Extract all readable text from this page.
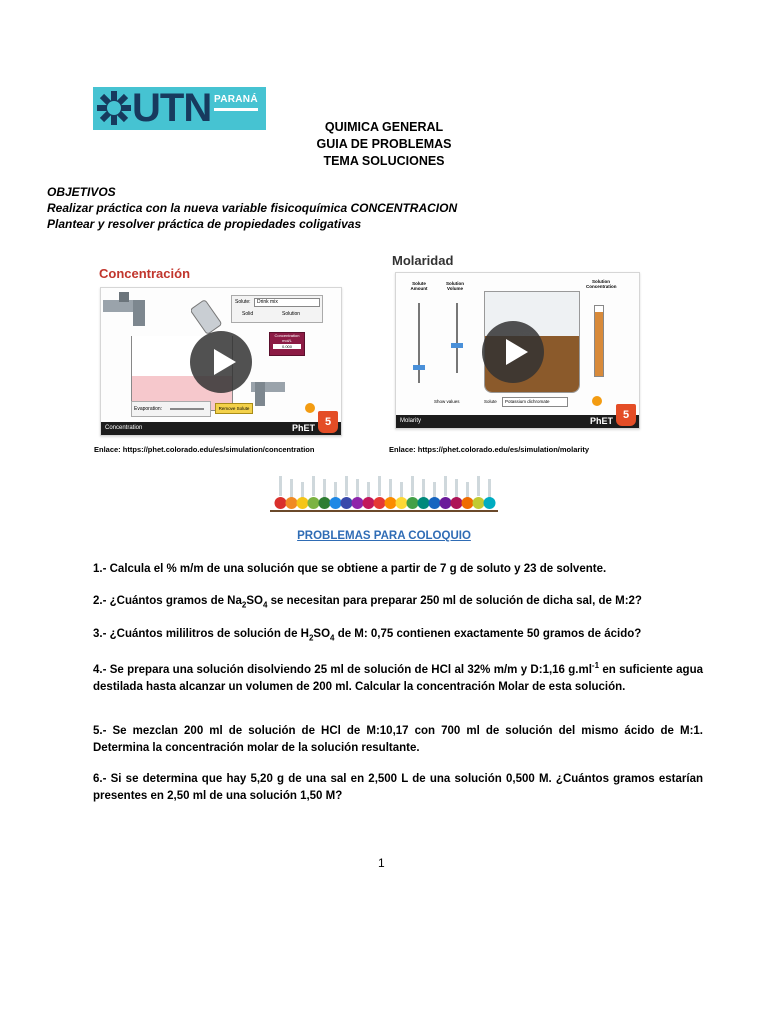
UTN PARANÁ
QUIMICA GENERAL
GUIA DE PROBLEMAS
TEMA SOLUCIONES
OBJETIVOS
Realizar práctica con la nueva variable fisicoquímica CONCENTRACION
Plantear y resolver práctica de propiedades coligativas
Concentración
Solute:	Drink mix
Solid	Solution
Concentration
mol/L
0.000
Evaporation:	Remove Solute
Concentration	PhET 5
Enlace: https://phet.colorado.edu/es/simulation/concentration
Molaridad
Solute Amount
Solution Volume
Solution Concentration
Show values	Solute	Potassium dichromate
Molarity	PhET 5
Enlace: https://phet.colorado.edu/es/simulation/molarity
PROBLEMAS PARA COLOQUIO
1.- Calcula el % m/m de una solución que se obtiene a partir de 7 g de soluto y 23 de solvente.
2.- ¿Cuántos gramos de $Na_2SO_4$ se necesitan para preparar 250 ml de solución de dicha sal, de M:2?
3.- ¿Cuántos mililitros de solución de $H_2SO_4$ de M: 0,75 contienen exactamente 50 gramos de ácido?
4.- Se prepara una solución disolviendo 25 ml de solución de HCl al 32% m/m y D:1,16 $g.ml^{-1}$ en suficiente agua destilada hasta alcanzar un volumen de 200 ml. Calcular la concentración Molar de esta solución.
5.- Se mezclan 200 ml de solución de HCl de M:10,17 con 700 ml de solución del mismo ácido de M:1. Determina la concentración molar de la solución resultante.
6.- Si se determina que hay 5,20 g de una sal en 2,500 L de una solución 0,500 M. ¿Cuántos gramos estarían presentes en 2,50 ml de una solución 1,50 M?
1
